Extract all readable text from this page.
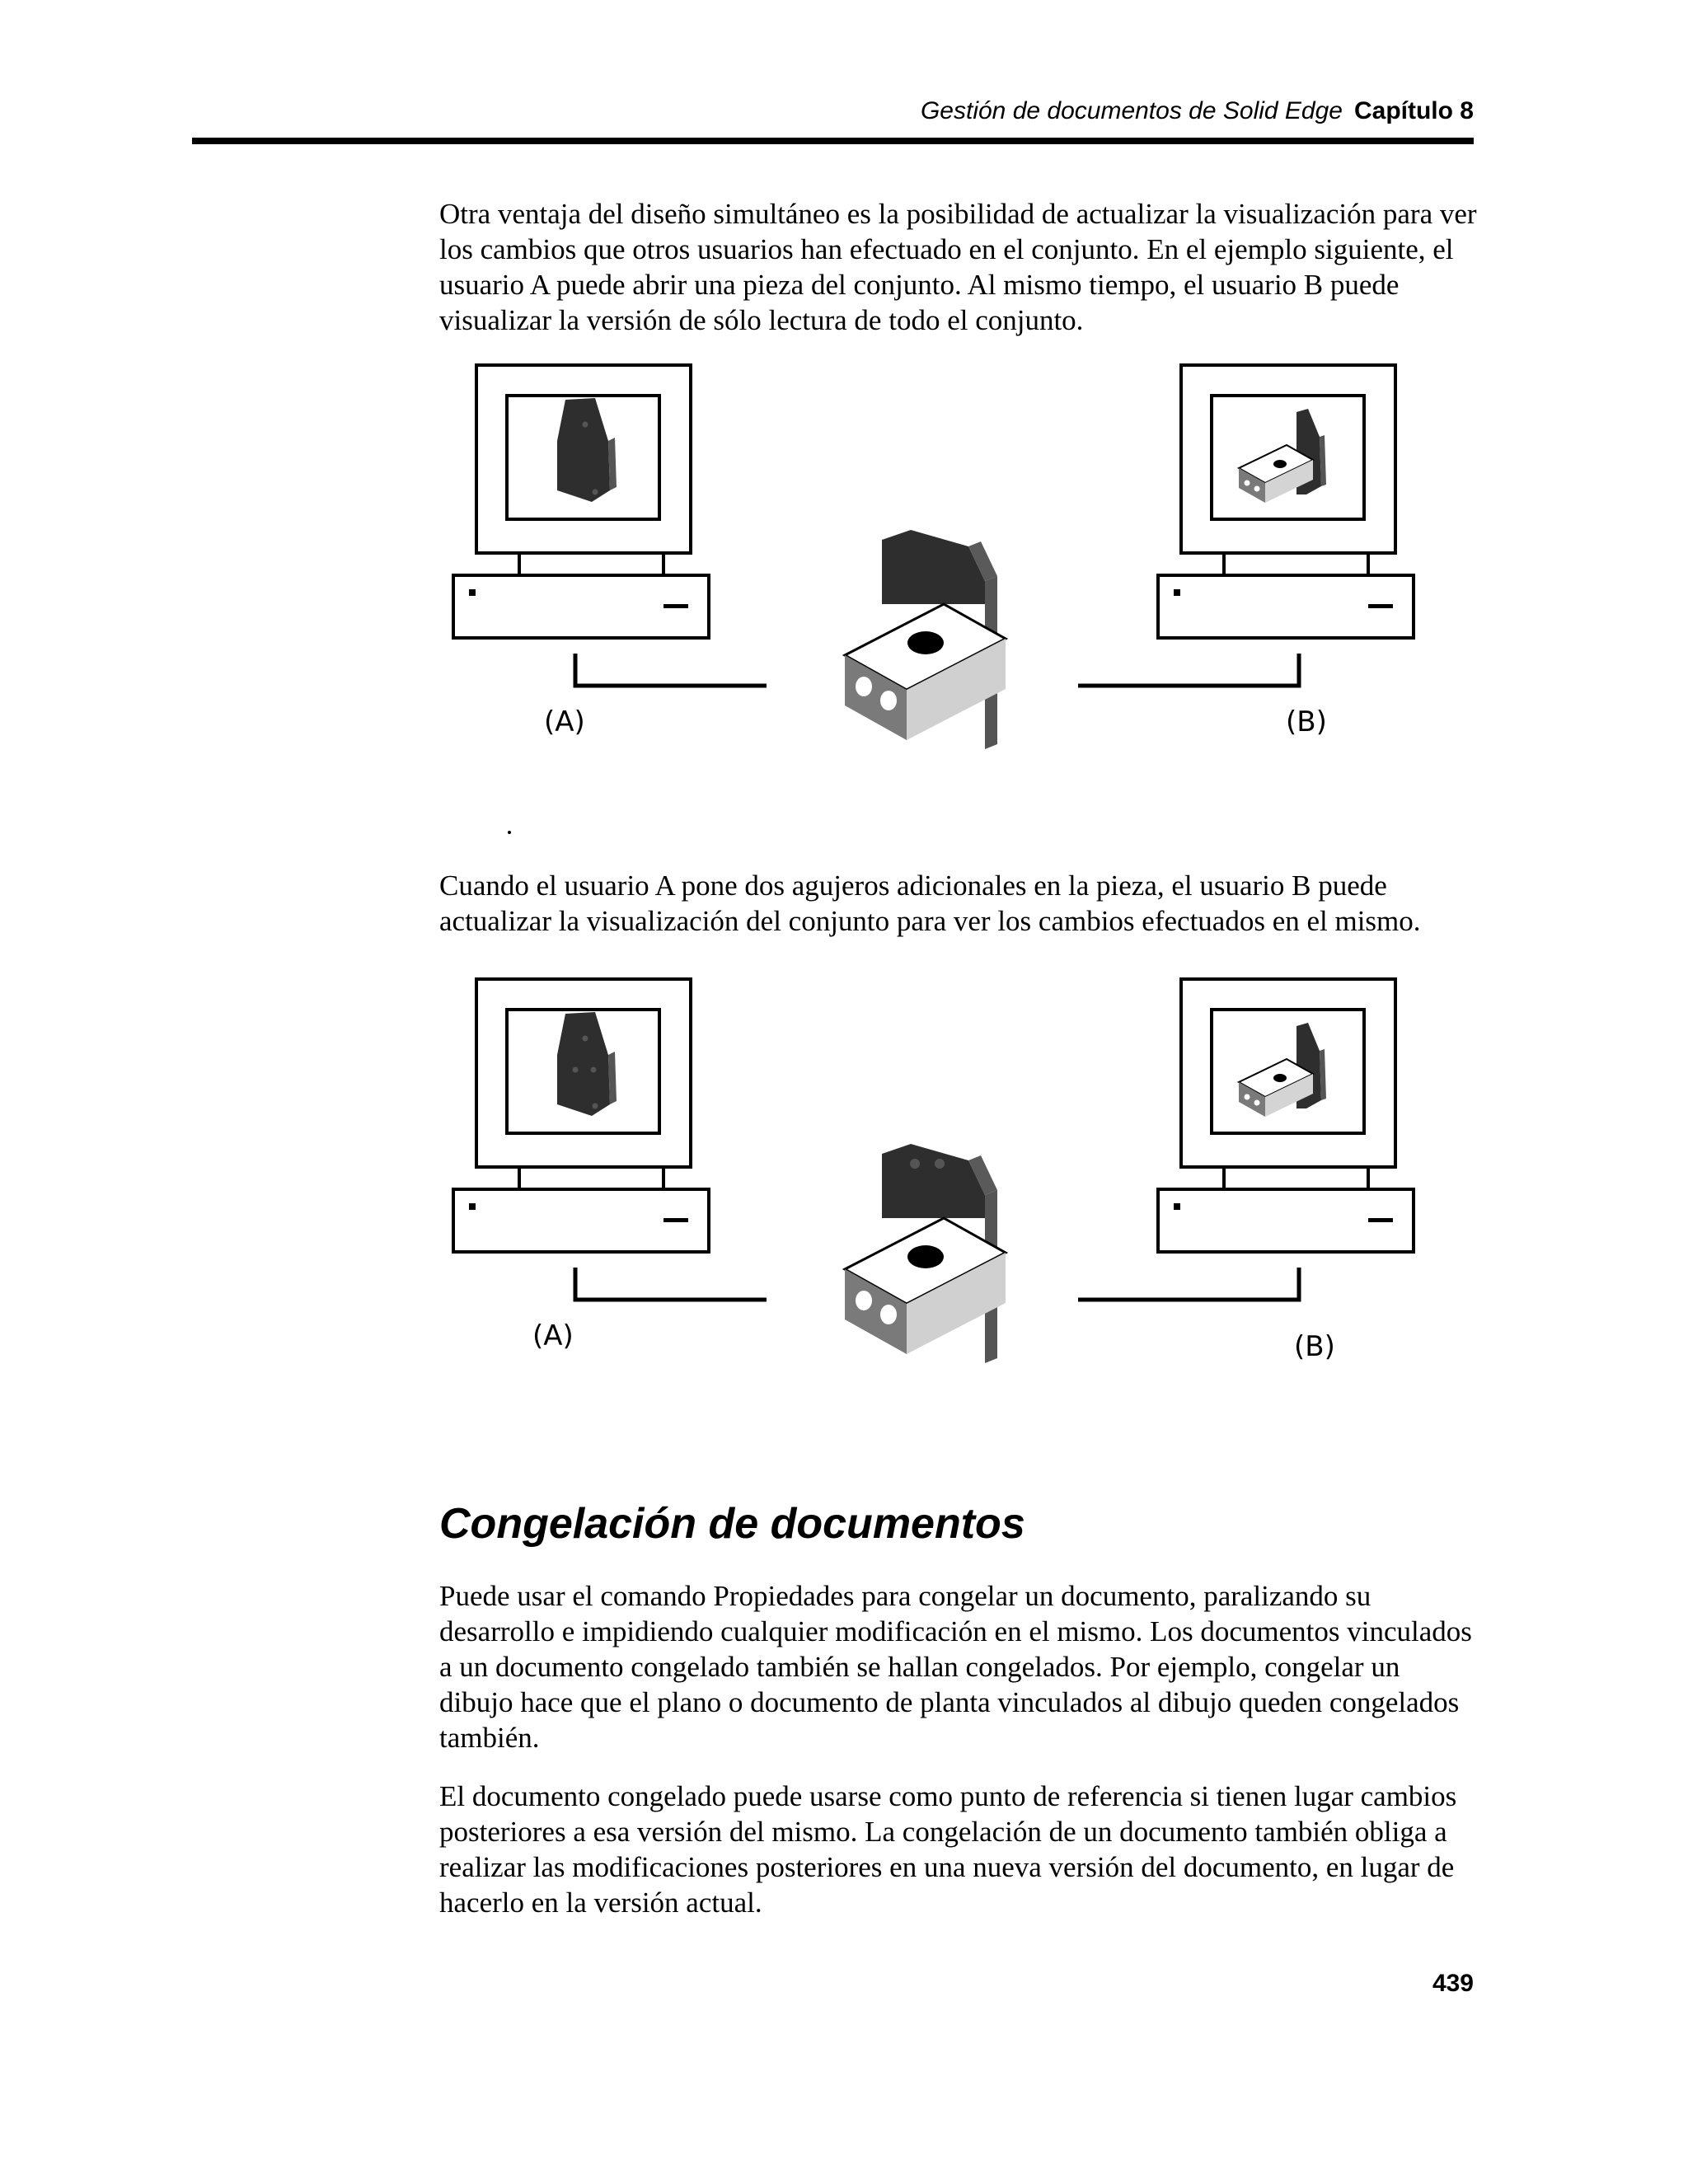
Gestión de documentos de Solid Edge Capítulo 8

Otra ventaja del diseño simultáneo es la posibilidad de actualizar la visualización para ver los cambios que otros usuarios han efectuado en el conjunto. En el ejemplo siguiente, el usuario A puede abrir una pieza del conjunto. Al mismo tiempo, el usuario B puede visualizar la versión de sólo lectura de todo el conjunto.

(A)	(B)

Cuando el usuario A pone dos agujeros adicionales en la pieza, el usuario B puede actualizar la visualización del conjunto para ver los cambios efectuados en el mismo.

(A)	(B)
Congelación de documentos

Puede usar el comando Propiedades para congelar un documento, paralizando su desarrollo e impidiendo cualquier modificación en el mismo. Los documentos vinculados a un documento congelado también se hallan congelados. Por ejemplo, congelar un dibujo hace que el plano o documento de planta vinculados al dibujo queden congelados también.

El documento congelado puede usarse como punto de referencia si tienen lugar cambios posteriores a esa versión del mismo. La congelación de un documento también obliga a realizar las modificaciones posteriores en una nueva versión del documento, en lugar de hacerlo en la versión actual.

439
